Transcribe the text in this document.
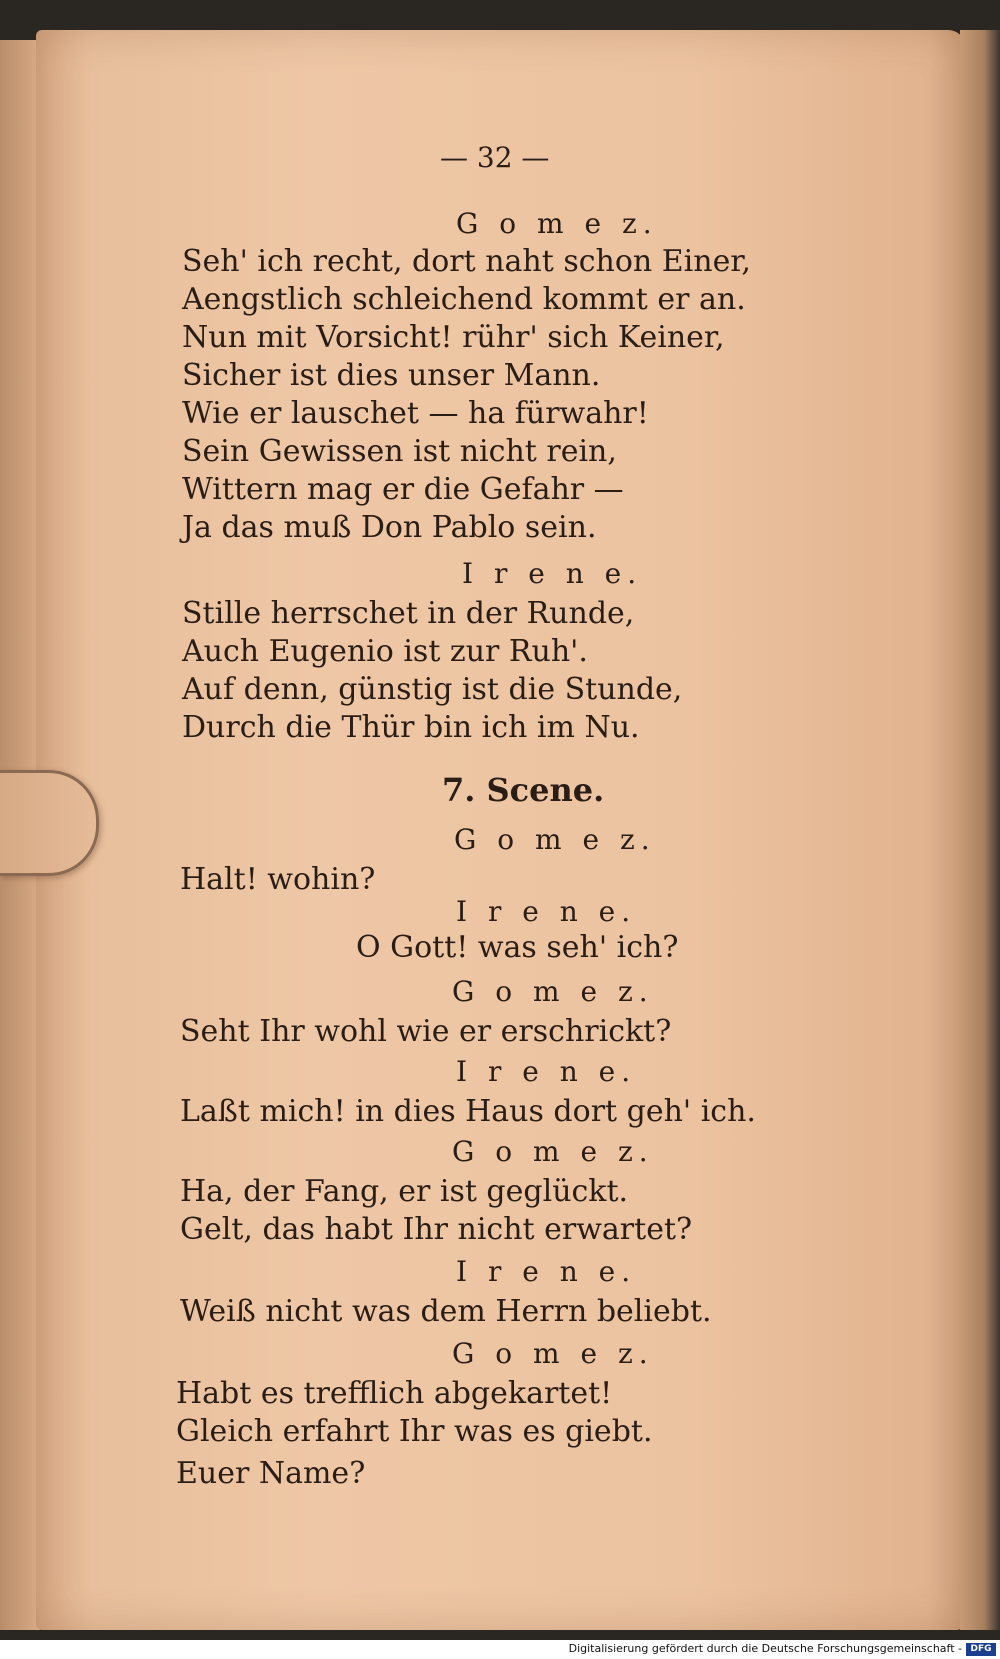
— 32 —
G o m e z.
Seh' ich recht, dort naht schon Einer,
Aengstlich schleichend kommt er an.
Nun mit Vorsicht! rühr' sich Keiner,
Sicher ist dies unser Mann.
Wie er lauschet — ha fürwahr!
Sein Gewissen ist nicht rein,
Wittern mag er die Gefahr —
Ja das muß Don Pablo sein.
I r e n e.
Stille herrschet in der Runde,
Auch Eugenio ist zur Ruh'.
Auf denn, günstig ist die Stunde,
Durch die Thür bin ich im Nu.
7. Scene.
G o m e z.
Halt! wohin?
I r e n e.
O Gott! was seh' ich?
G o m e z.
Seht Ihr wohl wie er erschrickt?
I r e n e.
Laßt mich! in dies Haus dort geh' ich.
G o m e z.
Ha, der Fang, er ist geglückt.
Gelt, das habt Ihr nicht erwartet?
I r e n e.
Weiß nicht was dem Herrn beliebt.
G o m e z.
Habt es trefflich abgekartet!
Gleich erfahrt Ihr was es giebt.
Euer Name?
Digitalisierung gefördert durch die Deutsche Forschungsgemeinschaft - DFG
